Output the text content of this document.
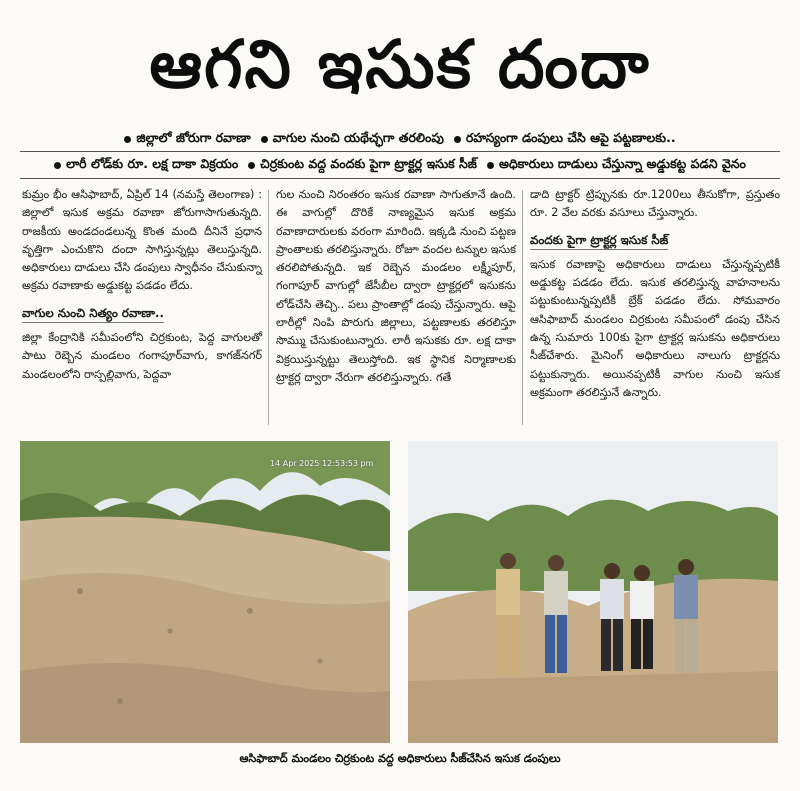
ఆగని ఇసుక దందా
జిల్లాలో జోరుగా రవాణా వాగుల నుంచి యథేచ్ఛగా తరలింపు రహస్యంగా డంపులు చేసి ఆపై పట్టణాలకు..
లారీ లోడ్‌కు రూ. లక్ష దాకా విక్రయం చిర్రకుంట వద్ద వందకు పైగా ట్రాక్టర్ల ఇసుక సీజ్ అధికారులు దాడులు చేస్తున్నా అడ్డుకట్ట పడని వైనం

కుమ్రం భీం ఆసిఫాబాద్, ఏప్రిల్ 14 (నమస్తే తెలంగాణ) : జిల్లాలో ఇసుక అక్రమ రవాణా జోరుగాసాగుతున్నది. రాజకీయ అండదండలున్న కొంత మంది దీనినే ప్రధాన వృత్తిగా ఎంచుకొని దందా సాగిస్తున్నట్లు తెలుస్తున్నది. అధికారులు దాడులు చేసి డంపులు స్వాధీనం చేసుకున్నా అక్రమ రవాణాకు అడ్డుకట్ట పడడం లేదు.

వాగుల నుంచి నిత్యం రవాణా..

జిల్లా కేంద్రానికి సమీపంలోని చిర్రకుంట, పెద్ద వాగులతో పాటు రెబ్బెన మండలం గంగాపూర్‌వాగు, కాగజ్‌నగర్ మండలంలోని రాస్పల్లివాగు, పెద్దవా

గుల నుంచి నిరంతరం ఇసుక రవాణా సాగుతూనే ఉంది. ఈ వాగుల్లో దొరికే నాణ్యమైన ఇసుక అక్రమ రవాణాదారులకు వరంగా మారింది. ఇక్కడి నుంచి పట్టణ ప్రాంతాలకు తరలిస్తున్నారు. రోజూ వందల టన్నుల ఇసుక తరలిపోతున్నది. ఇక రెబ్బెన మండలం లక్ష్మీపూర్, గంగాపూర్ వాగుల్లో జేసీబీల ద్వారా ట్రాక్టర్లలో ఇసుకను లోడ్‌చేసి తెచ్చి.. పలు ప్రాంతాల్లో డంపు చేస్తున్నారు. ఆపై లారీల్లో నింపి పొరుగు జిల్లాలు, పట్టణాలకు తరలిస్తూ సొమ్ము చేసుకుంటున్నారు. లారీ ఇసుకకు రూ. లక్ష దాకా విక్రయిస్తున్నట్టు తెలుస్తోంది. ఇక స్థానిక నిర్మాణాలకు ట్రాక్టర్ల ద్వారా నేరుగా తరలిస్తున్నారు. గతే

డాది ట్రాక్టర్ ట్రిప్పునకు రూ.1200లు తీసుకోగా, ప్రస్తుతం రూ. 2 వేల వరకు వసూలు చేస్తున్నారు.

వందకు పైగా ట్రాక్టర్ల ఇసుక సీజ్

ఇసుక రవాణాపై అధికారులు దాడులు చేస్తున్నప్పటికీ అడ్డుకట్ట పడడం లేదు. ఇసుక తరలిస్తున్న వాహనాలను పట్టుకుంటున్నప్పటికీ బ్రేక్ పడడం లేదు. సోమవారం ఆసిఫాబాద్ మండలం చిర్రకుంట సమీపంలో డంపు చేసిన ఉన్న సుమారు 100కు పైగా ట్రాక్టర్ల ఇసుకను అధికారులు సీజ్‌చేశారు. మైనింగ్ అధికారులు నాలుగు ట్రాక్టర్లను పట్టుకున్నారు. అయినప్పటికీ వాగుల నుంచి ఇసుక అక్రమంగా తరలిస్తునే ఉన్నారు.

14 Apr 2025 12:53:53 pm
ఆసిఫాబాద్ మండలం చిర్రకుంట వద్ద అధికారులు సీజ్‌చేసిన ఇసుక డంపులు
